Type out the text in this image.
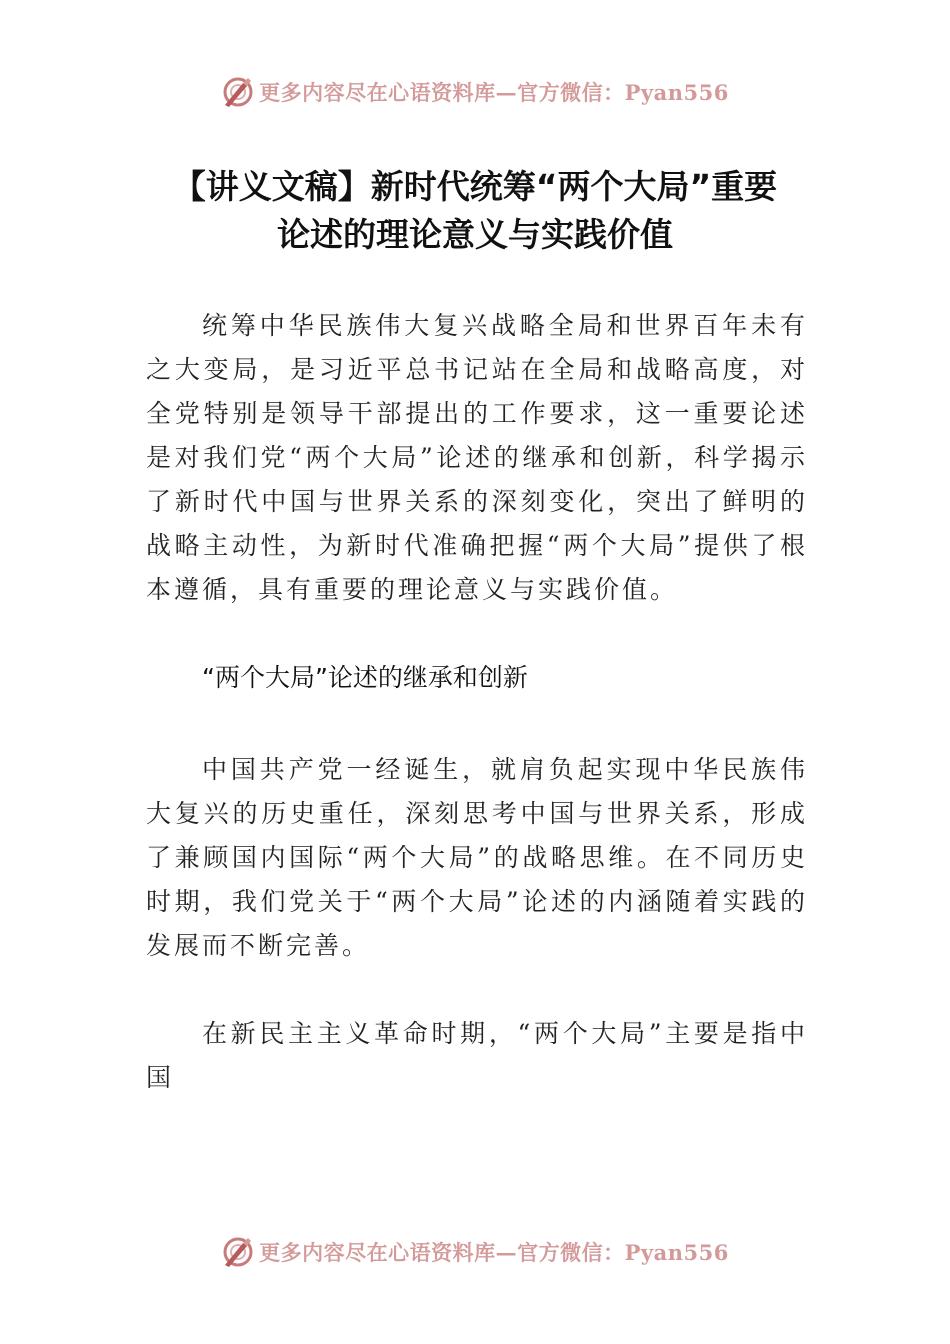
更多内容尽在心语资料库—官方微信：Pyan556
【讲义文稿】新时代统筹“两个大局”重要
论述的理论意义与实践价值

统筹中华民族伟大复兴战略全局和世界百年未有之大变局，是习近平总书记站在全局和战略高度，对全党特别是领导干部提出的工作要求，这一重要论述是对我们党“两个大局”论述的继承和创新，科学揭示了新时代中国与世界关系的深刻变化，突出了鲜明的战略主动性，为新时代准确把握“两个大局”提供了根本遵循，具有重要的理论意义与实践价值。

“两个大局”论述的继承和创新

中国共产党一经诞生，就肩负起实现中华民族伟大复兴的历史重任，深刻思考中国与世界关系，形成了兼顾国内国际“两个大局”的战略思维。在不同历史时期，我们党关于“两个大局”论述的内涵随着实践的发展而不断完善。

在新民主主义革命时期，“两个大局”主要是指中国

更多内容尽在心语资料库—官方微信：Pyan556
